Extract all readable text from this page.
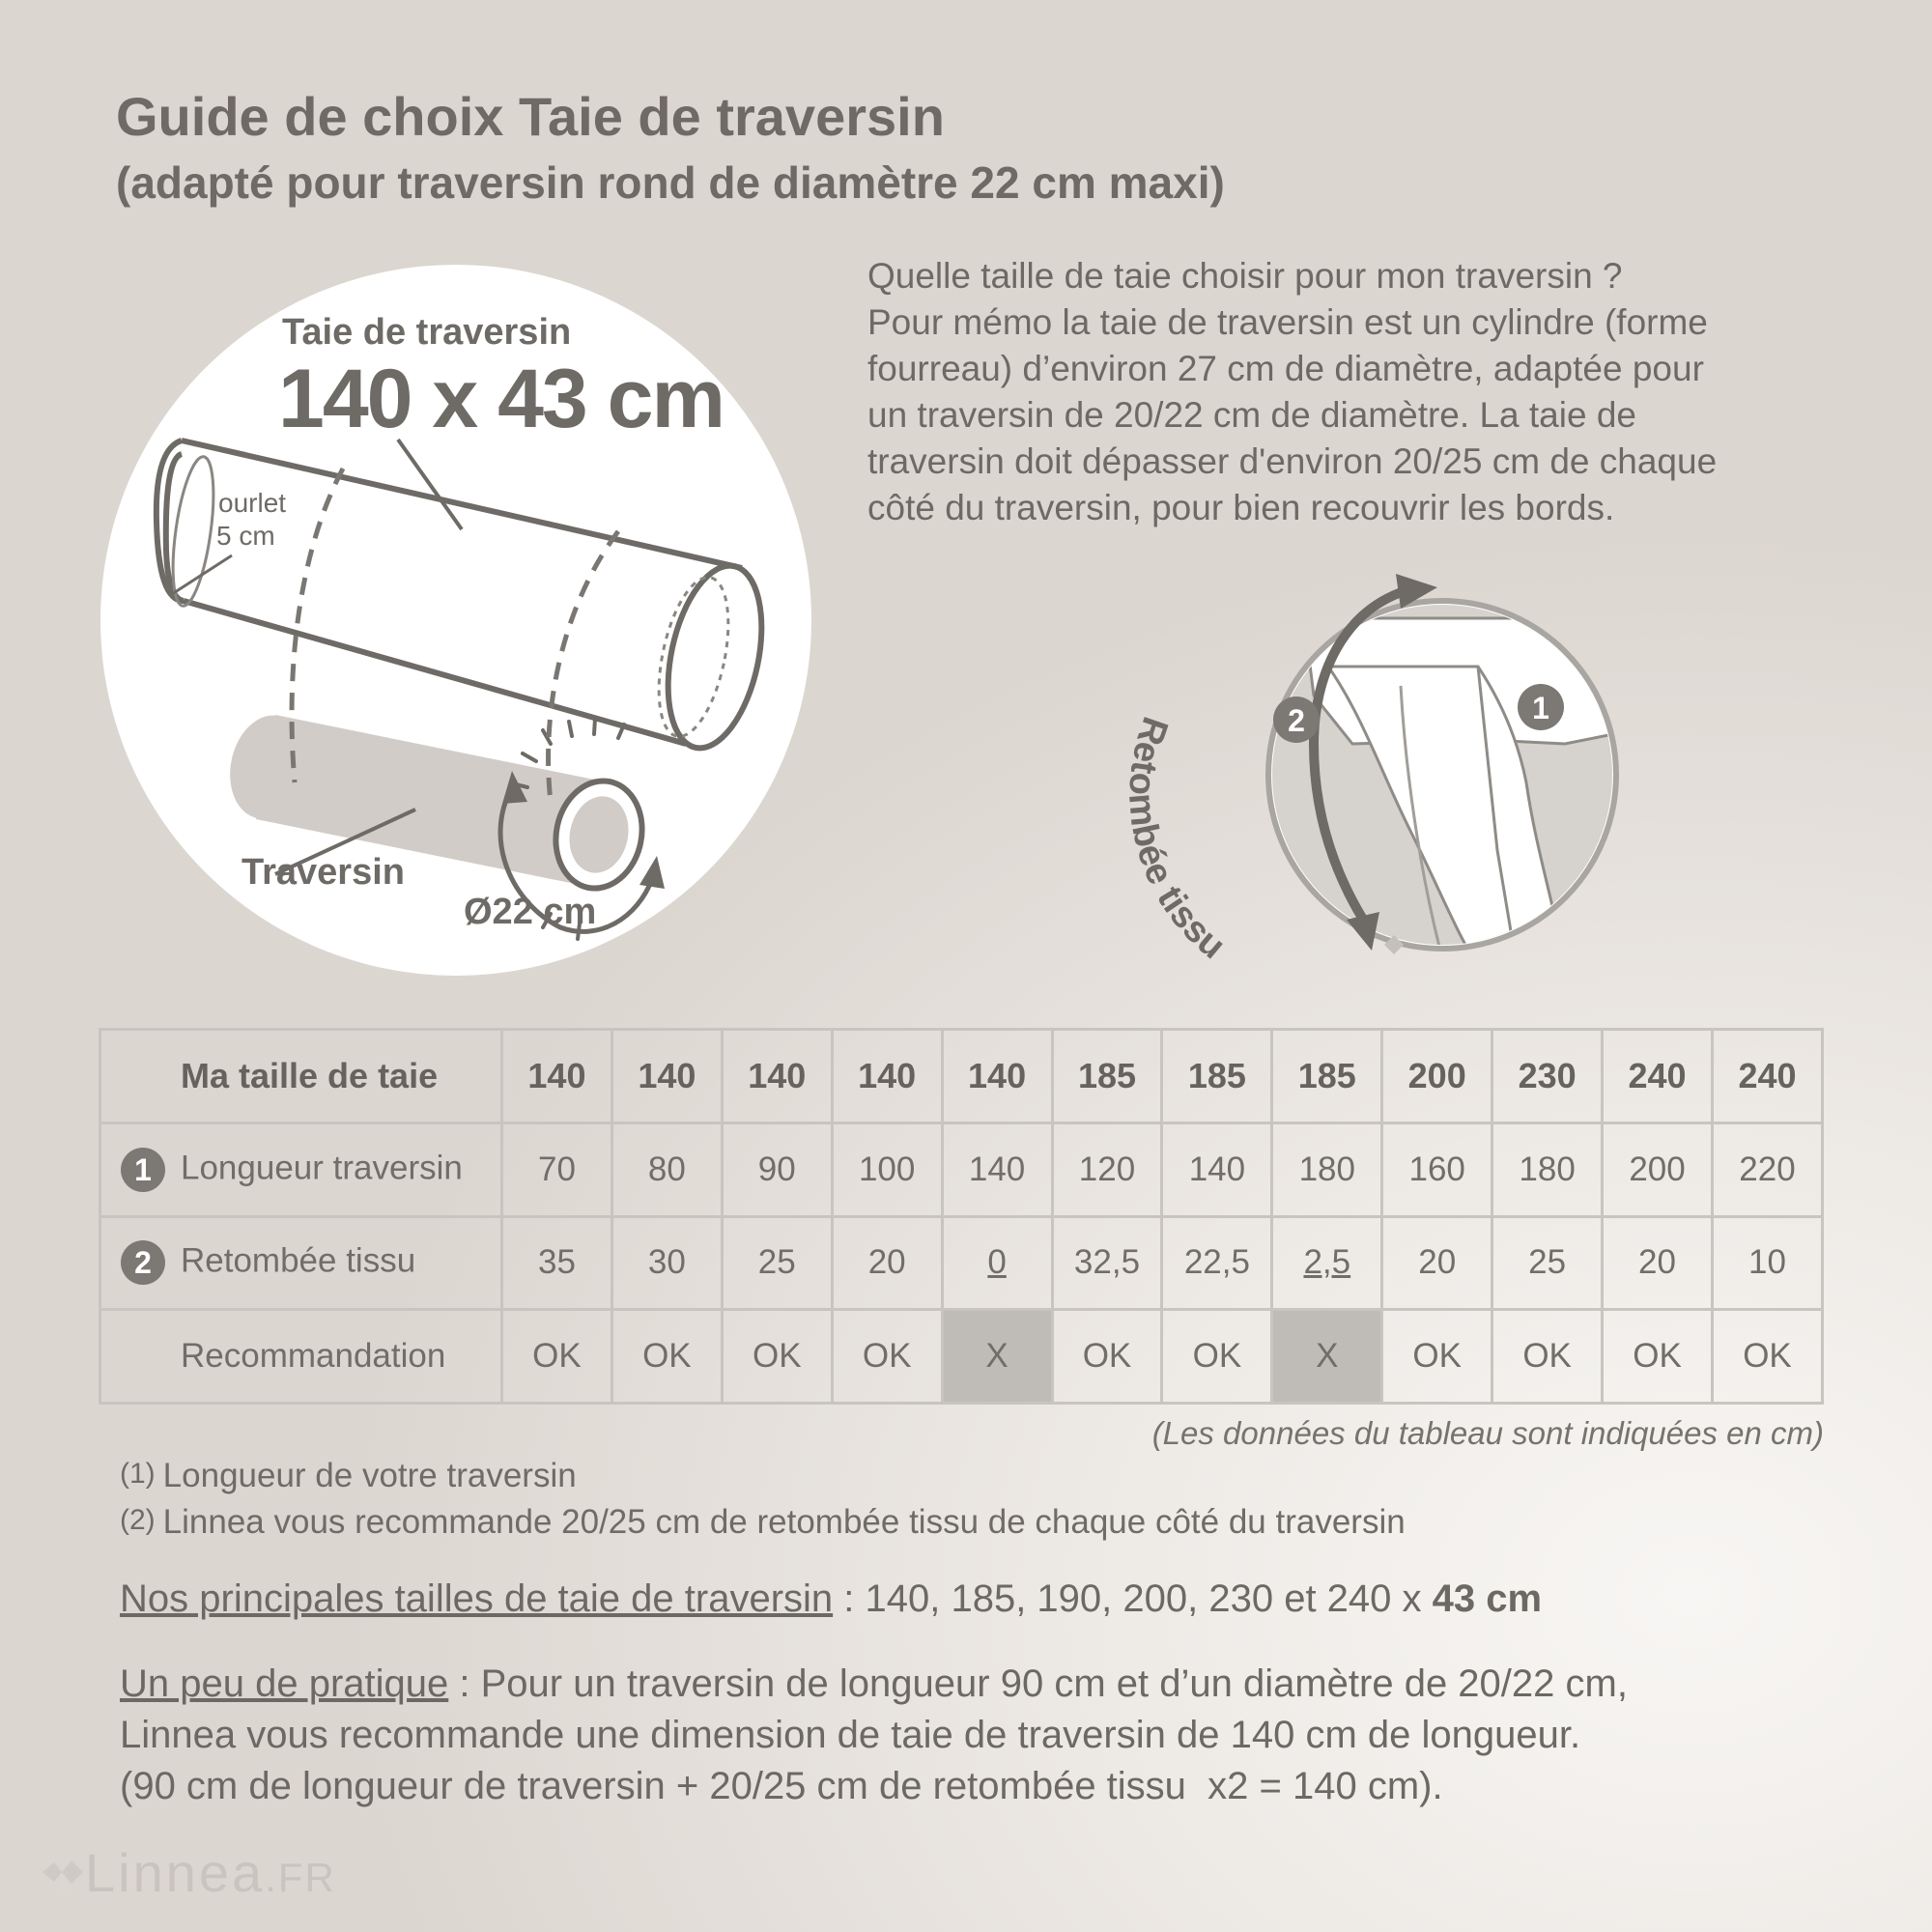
Guide de choix Taie de traversin
(adapté pour traversin rond de diamètre 22 cm maxi)
Taie de traversin
140 x 43 cm
ourlet
5 cm
Traversin
Ø22 cm

Quelle taille de taie choisir pour mon traversin ?

Pour mémo la taie de traversin est un cylindre (forme

fourreau) d’environ 27 cm de diamètre, adaptée pour

un traversin de 20/22 cm de diamètre. La taie de

traversin doit dépasser d'environ 20/25 cm de chaque

côté du traversin, pour bien recouvrir les bords.

2	1
Retombée tissu
Ma taille de taie	140	140	140	140	140	185	185	185	200	230	240	240
1 Longueur traversin	70	80	90	100	140	120	140	180	160	180	200	220
2 Retombée tissu	35	30	25	20	0	32,5	22,5	2,5	20	25	20	10
Recommandation	OK	OK	OK	OK	X	OK	OK	X	OK	OK	OK	OK
(Les données du tableau sont indiquées en cm)
$^{(1)}$ Longueur de votre traversin
$^{(2)}$ Linnea vous recommande 20/25 cm de retombée tissu de chaque côté du traversin
Nos principales tailles de taie de traversin : 140, 185, 190, 200, 230 et 240 x 43 cm

Un peu de pratique : Pour un traversin de longueur 90 cm et d’un diamètre de 20/22 cm,

Linnea vous recommande une dimension de taie de traversin de 140 cm de longueur.

(90 cm de longueur de traversin + 20/25 cm de retombée tissu  x2 = 140 cm).

Linnea.FR
